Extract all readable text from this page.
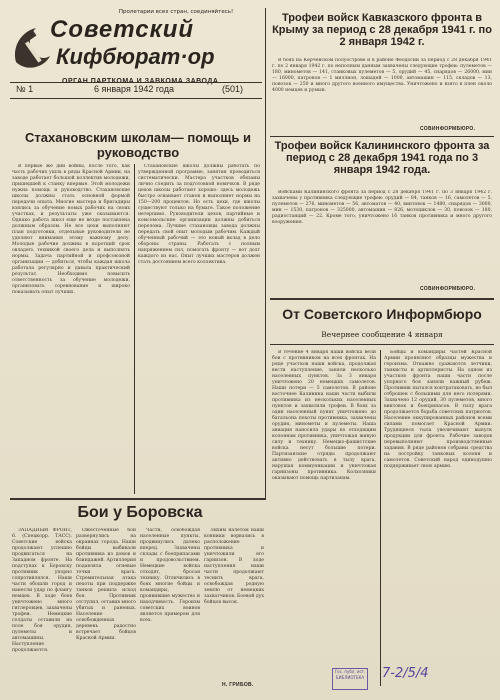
Пролетарии всех стран, соединяйтесь!
Советский
Кифбюрат·ор
№ 1	6 января 1942 года	(501)
Стахановским школам— помощь и руководство

В первые же дни войны, после того, как часть рабочих ушла в ряды Красной Армии, на заводе работает большой коллектив молодежи, пришедшей к станку впервые. Этой молодежи нужна помощь и руководство. Стахановские школы должны стать основной формой передачи опыта. Многие мастера и бригадиры взялись за обучение новых рабочих на своих участках, и результаты уже сказываются. Однако работа школ еще не везде поставлена должным образом. Не все цехи выполняют план подготовки, отдельные руководители не уделяют внимания этому важному делу. Молодые рабочие должны в короткий срок овладеть техникой своего дела и выполнять нормы. Задача партийной и профсоюзной организации — добиться, чтобы каждая школа работала регулярно и давала практический результат. Необходимо повысить ответственность за обучение молодежи, организовать соревнование и широко показывать опыт лучших.

Стахановские школы должны работать по утвержденной программе, занятия проводиться систематически. Мастера участков обязаны лично следить за подготовкой новичков. В ряде цехов школы работают хорошо: здесь молодежь быстро осваивает станок и выполняет нормы на 150—200 процентов. Но есть цехи, где школы существуют только на бумаге. Такое положение нетерпимо. Руководители цехов, партийные и комсомольские организации должны добиться перелома. Лучшие стахановцы завода должны передать свой опыт молодым рабочим. Каждый обученный рабочий — это новый вклад в дело обороны страны. Работать с полным напряжением сил, помогать фронту — вот долг каждого из нас. Опыт лучших мастеров должен стать достоянием всего коллектива.

Трофеи войск Кавказского фронта в Крыму за период с 28 декабря 1941 г. по 2 января 1942 г.

В боях на Керченском полуострове и в районе Феодосии за период с 28 декабря 1941 г. по 2 января 1942 г. по неполным данным захвачены следующие трофеи: пулеметов — 180, минометов — 141, станковых пулеметов — 5, орудий — 45, снарядов — 26000, мин — 16000, патронов — 1 миллион, лошадей — 1000, автомашин — 115, складов — 13, повозок — 250 и много другого военного имущества. Уничтожено и взято в плен около 4000 немцев и румын.

СОВИНФОРМБЮРО.
Трофеи войск Калининского фронта за период с 28 декабря 1941 года по 3 января 1942 года.

Войсками Калининского фронта за период с 28 декабря 1941 г. по 3 января 1942 г. захвачены у противника следующие трофеи: орудий — 84, танков — 16, самолетов — 5, пулеметов — 276, минометов — 56, автоматов — 40, винтовок — 1480, снарядов — 3000, мин — 1530, патронов — 325000, автомашин — 826, мотоциклов — 30, повозок — 180, радиостанций — 22. Кроме того, уничтожено 16 танков противника и много другого вооружения.

СОВИНФОРМБЮРО.
От Советского Информбюро
Вечернее сообщение 4 января

В течение 4 января наши войска вели бои с противником на всех фронтах. На ряде участков наши войска, продолжая вести наступление, заняли несколько населенных пунктов. За 3 января уничтожено 20 немецких самолетов. Наши потери — 5 самолетов. В районе восточнее Калинина наши части выбили противника из нескольких населенных пунктов и захватили трофеи. В боях за один населенный пункт уничтожено до батальона пехоты противника, захвачены орудия, минометы и пулеметы. Наша авиация наносила удары по отходящим колоннам противника, уничтожая живую силу и технику. Немецко-фашистские войска несут большие потери. Партизанские отряды продолжают активно действовать в тылу врага, нарушая коммуникации и уничтожая гарнизоны противника. Колхозники оказывают помощь партизанам.

Бойцы и командиры частей Красной Армии проявляют образцы мужества и героизма. Отважно сражаются летчики, танкисты и артиллеристы. На одном из участков фронта наши части после упорного боя заняли важный рубеж. Противник пытался контратаковать, но был отброшен с большими для него потерями. Захвачено 12 орудий, 30 пулеметов, много винтовок и боеприпасов. В тылу врага продолжается борьба советских патриотов. Население оккупированных районов всеми силами помогает Красной Армии. Трудящиеся тыла увеличивают выпуск продукции для фронта. Рабочие заводов перевыполняют производственные задания. В ряде районов собраны средства на постройку танковых колонн и самолетов. Советский народ единодушно поддерживает свою армию.

Бои у Боровска

ЗАПАДНЫЙ ФРОНТ, 6. (Спецкорр. ТАСС). Советские войска продолжают успешно продвигаться на Западном фронте. На подступах к Боровску противник упорно сопротивлялся. Наши части обошли город и нанесли удар по флангу немцев. В ходе боев уничтожено много гитлеровцев, захвачены трофеи. Немецкие солдаты оставили на поле боя орудия, пулеметы и автомашины. Наступление продолжается.

Ожесточенные бои развернулись на окраинах города. Наши бойцы выбивали противника из домов и блиндажей. Артиллерия подавляла огневые точки врага. Стремительная атака пехоты при поддержке танков решила исход боя. Противник отступил, оставив много убитых и раненых. Население освобожденных деревень радостно встречает бойцов Красной Армии.

Части, освобождая населенные пункты, продвинулись далеко вперед. Захвачены склады с боеприпасами и продовольствием. Немецкие войска отходят, бросая технику. Отличились в боях многие бойцы и командиры, проявившие мужество и находчивость. Героизм советских воинов является примером для всех.

Лихим налетом наши конники ворвались в расположение противника и уничтожили его гарнизон. В ходе наступления наши части продолжают теснить врага, освобождая родную землю от немецких захватчиков. Боевой дух бойцов высок.

Н. ГРИБОВ.
Гос. публ. ист. БИБЛИОТЕКА	7-2/5/4
